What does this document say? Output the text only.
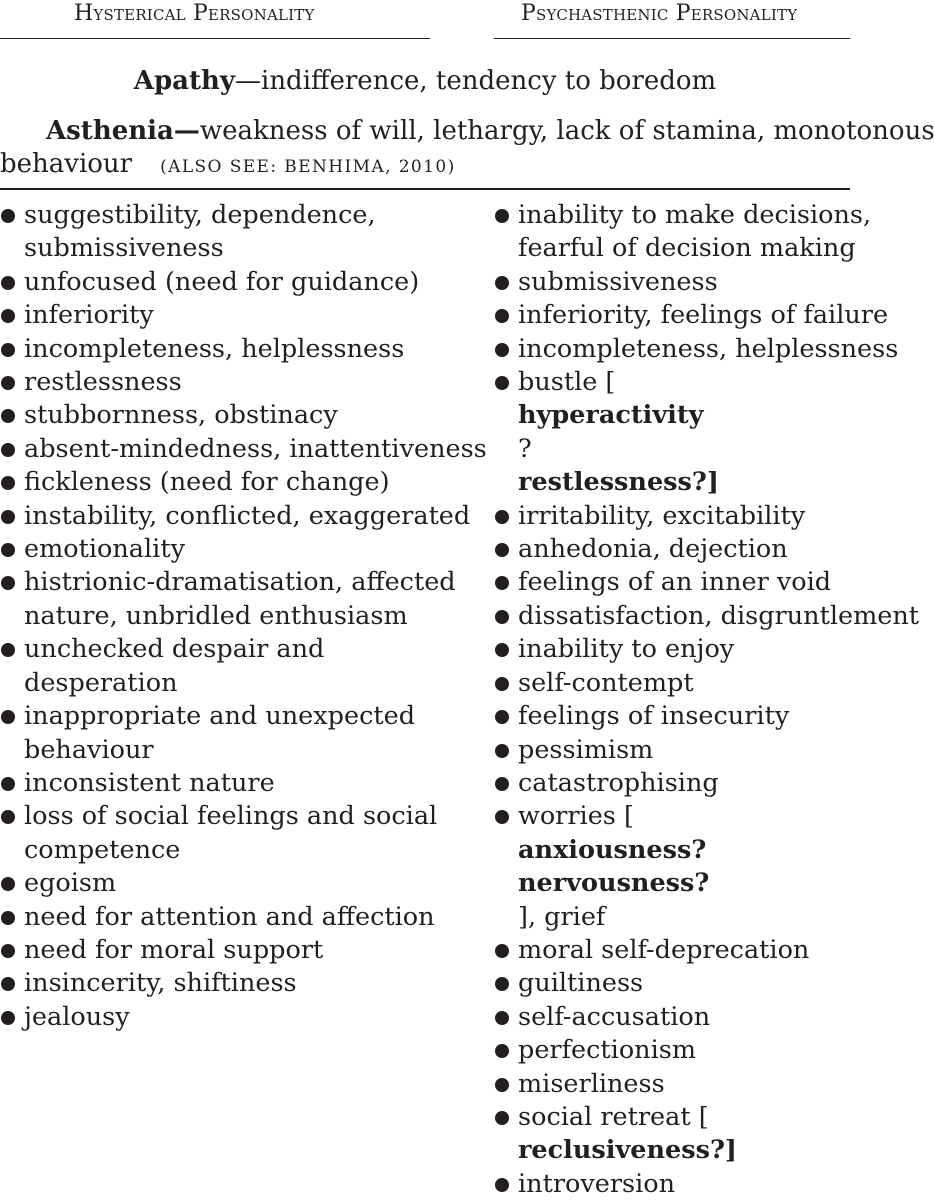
Hysterical Personality	Psychasthenic Personality
Apathy—indifference, tendency to boredom
Asthenia—weakness of will, lethargy, lack of stamina, monotonous
behaviour (ALSO SEE: BENHIMA, 2010)
suggestibility, dependence,
submissiveness
unfocused (need for guidance)
inferiority
incompleteness, helplessness
restlessness
stubbornness, obstinacy
absent-mindedness, inattentiveness
fickleness (need for change)
instability, conflicted, exaggerated
emotionality
histrionic-dramatisation, affected
nature, unbridled enthusiasm
unchecked despair and
desperation
inappropriate and unexpected
behaviour
inconsistent nature
loss of social feelings and social
competence
egoism
need for attention and affection
need for moral support
insincerity, shiftiness
jealousy
inability to make decisions,
fearful of decision making
submissiveness
inferiority, feelings of failure
incompleteness, helplessness
bustle [
hyperactivity
?
restlessness?]
irritability, excitability
anhedonia, dejection
feelings of an inner void
dissatisfaction, disgruntlement
inability to enjoy
self-contempt
feelings of insecurity
pessimism
catastrophising
worries [
anxiousness?
nervousness?
], grief
moral self-deprecation
guiltiness
self-accusation
perfectionism
miserliness
social retreat [
reclusiveness?]
introversion
